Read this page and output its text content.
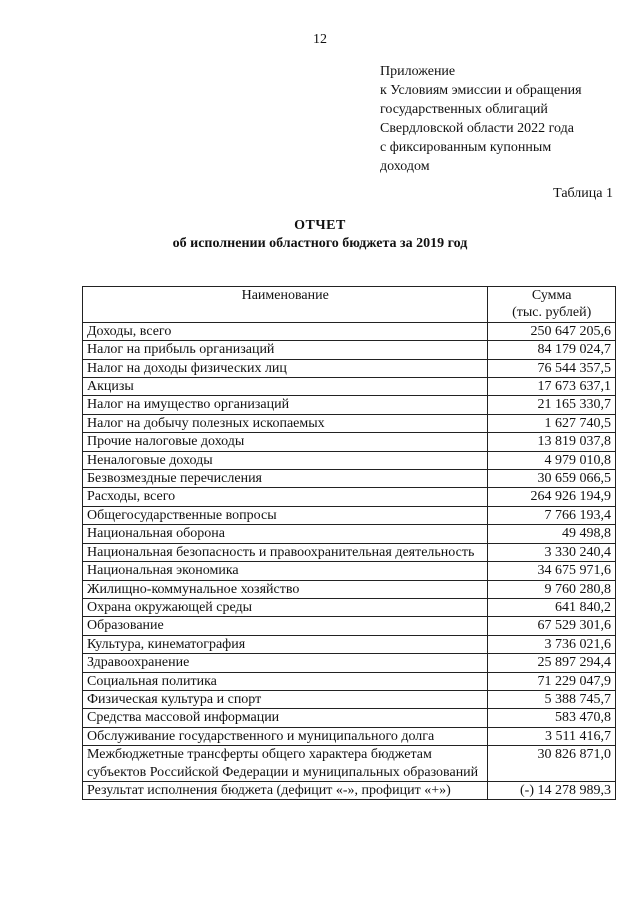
12
Приложение
к Условиям эмиссии и обращения
государственных облигаций
Свердловской области 2022 года
с фиксированным купонным
доходом
Таблица 1
ОТЧЕТ
об исполнении областного бюджета за 2019 год
Наименование	Сумма
(тыс. рублей)

Доходы, всего	250 647 205,6
Налог на прибыль организаций	84 179 024,7
Налог на доходы физических лиц	76 544 357,5
Акцизы	17 673 637,1
Налог на имущество организаций	21 165 330,7
Налог на добычу полезных ископаемых	1 627 740,5
Прочие налоговые доходы	13 819 037,8
Неналоговые доходы	4 979 010,8
Безвозмездные перечисления	30 659 066,5
Расходы, всего	264 926 194,9
Общегосударственные вопросы	7 766 193,4
Национальная оборона	49 498,8
Национальная безопасность и правоохранительная деятельность	3 330 240,4
Национальная экономика	34 675 971,6
Жилищно-коммунальное хозяйство	9 760 280,8
Охрана окружающей среды	641 840,2
Образование	67 529 301,6
Культура, кинематография	3 736 021,6
Здравоохранение	25 897 294,4
Социальная политика	71 229 047,9
Физическая культура и спорт	5 388 745,7
Средства массовой информации	583 470,8
Обслуживание государственного и муниципального долга	3 511 416,7
Межбюджетные трансферты общего характера бюджетам субъектов Российской Федерации и муниципальных образований	30 826 871,0
Результат исполнения бюджета (дефицит «-», профицит «+»)	(-) 14 278 989,3
